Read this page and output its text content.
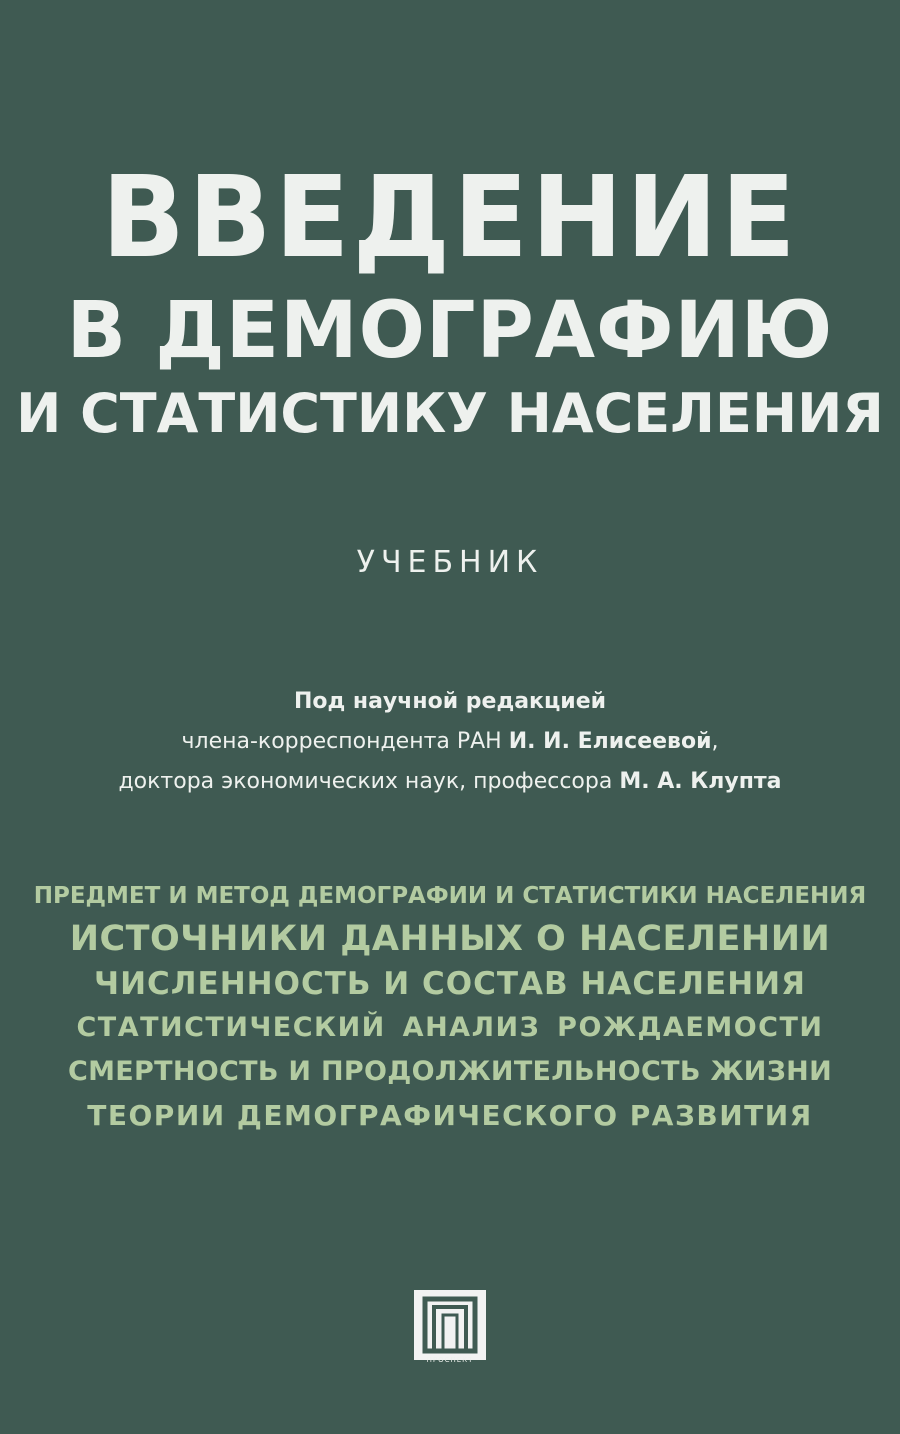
ВВЕДЕНИЕ
В ДЕМОГРАФИЮ
И СТАТИСТИКУ НАСЕЛЕНИЯ
УЧЕБНИК
Под научной редакцией
члена-корреспондента РАН И. И. Елисеевой,
доктора экономических наук, профессора М. А. Клупта
ПРЕДМЕТ И МЕТОД ДЕМОГРАФИИ И СТАТИСТИКИ НАСЕЛЕНИЯ
ИСТОЧНИКИ ДАННЫХ О НАСЕЛЕНИИ
ЧИСЛЕННОСТЬ И СОСТАВ НАСЕЛЕНИЯ
СТАТИСТИЧЕСКИЙ АНАЛИЗ РОЖДАЕМОСТИ
СМЕРТНОСТЬ И ПРОДОЛЖИТЕЛЬНОСТЬ ЖИЗНИ
ТЕОРИИ ДЕМОГРАФИЧЕСКОГО РАЗВИТИЯ
ПРОСПЕКТ
